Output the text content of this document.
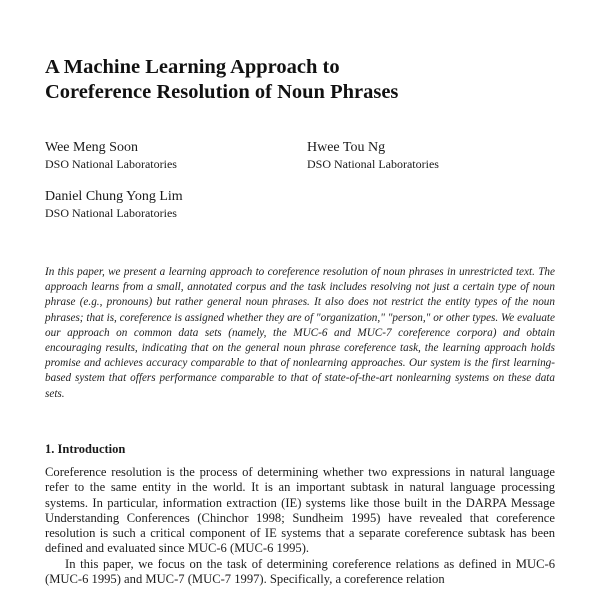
A Machine Learning Approach to
Coreference Resolution of Noun Phrases
Wee Meng Soon
DSO National Laboratories
Hwee Tou Ng
DSO National Laboratories
Daniel Chung Yong Lim
DSO National Laboratories

In this paper, we present a learning approach to coreference resolution of noun phrases in unrestricted text. The approach learns from a small, annotated corpus and the task includes resolving not just a certain type of noun phrase (e.g., pronouns) but rather general noun phrases. It also does not restrict the entity types of the noun phrases; that is, coreference is assigned whether they are of "organization," "person," or other types. We evaluate our approach on common data sets (namely, the MUC-6 and MUC-7 coreference corpora) and obtain encouraging results, indicating that on the general noun phrase coreference task, the learning approach holds promise and achieves accuracy comparable to that of nonlearning approaches. Our system is the first learning-based system that offers performance comparable to that of state-of-the-art nonlearning systems on these data sets.

1. Introduction
Coreference resolution is the process of determining whether two expressions in natural language refer to the same entity in the world. It is an important subtask in natural language processing systems. In particular, information extraction (IE) systems like those built in the DARPA Message Understanding Conferences (Chinchor 1998; Sundheim 1995) have revealed that coreference resolution is such a critical component of IE systems that a separate coreference subtask has been defined and evaluated since MUC-6 (MUC-6 1995).
In this paper, we focus on the task of determining coreference relations as defined in MUC-6 (MUC-6 1995) and MUC-7 (MUC-7 1997). Specifically, a coreference relation
